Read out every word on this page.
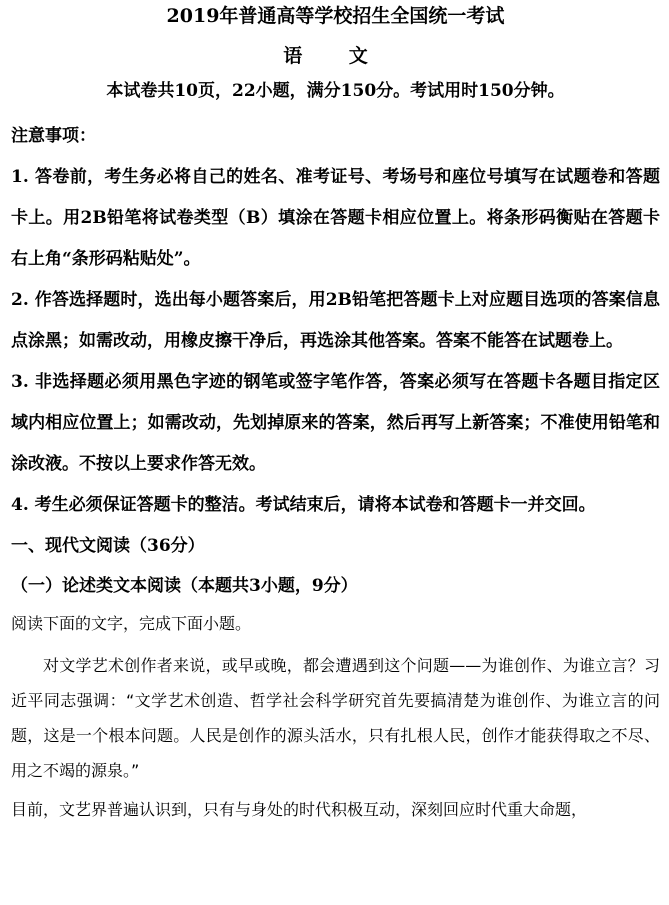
2019年普通高等学校招生全国统一考试
语 文
本试卷共10页，22小题，满分150分。考试用时150分钟。
注意事项：
1. 答卷前，考生务必将自己的姓名、准考证号、考场号和座位号填写在试题卷和答题卡上。用2B铅笔将试卷类型（B）填涂在答题卡相应位置上。将条形码衡贴在答题卡右上角“条形码粘贴处”。
2. 作答选择题时，选出每小题答案后，用2B铅笔把答题卡上对应题目选项的答案信息点涂黑；如需改动，用橡皮擦干净后，再选涂其他答案。答案不能答在试题卷上。
3. 非选择题必须用黑色字迹的钢笔或签字笔作答，答案必须写在答题卡各题目指定区域内相应位置上；如需改动，先划掉原来的答案，然后再写上新答案；不准使用铅笔和涂改液。不按以上要求作答无效。
4. 考生必须保证答题卡的整洁。考试结束后，请将本试卷和答题卡一并交回。
一、现代文阅读（36分）
（一）论述类文本阅读（本题共3小题，9分）
阅读下面的文字，完成下面小题。
对文学艺术创作者来说，或早或晚，都会遭遇到这个问题——为谁创作、为谁立言？习近平同志强调：“文学艺术创造、哲学社会科学研究首先要搞清楚为谁创作、为谁立言的问题，这是一个根本问题。人民是创作的源头活水，只有扎根人民，创作才能获得取之不尽、用之不竭的源泉。”
目前，文艺界普遍认识到，只有与身处的时代积极互动，深刻回应时代重大命题，
